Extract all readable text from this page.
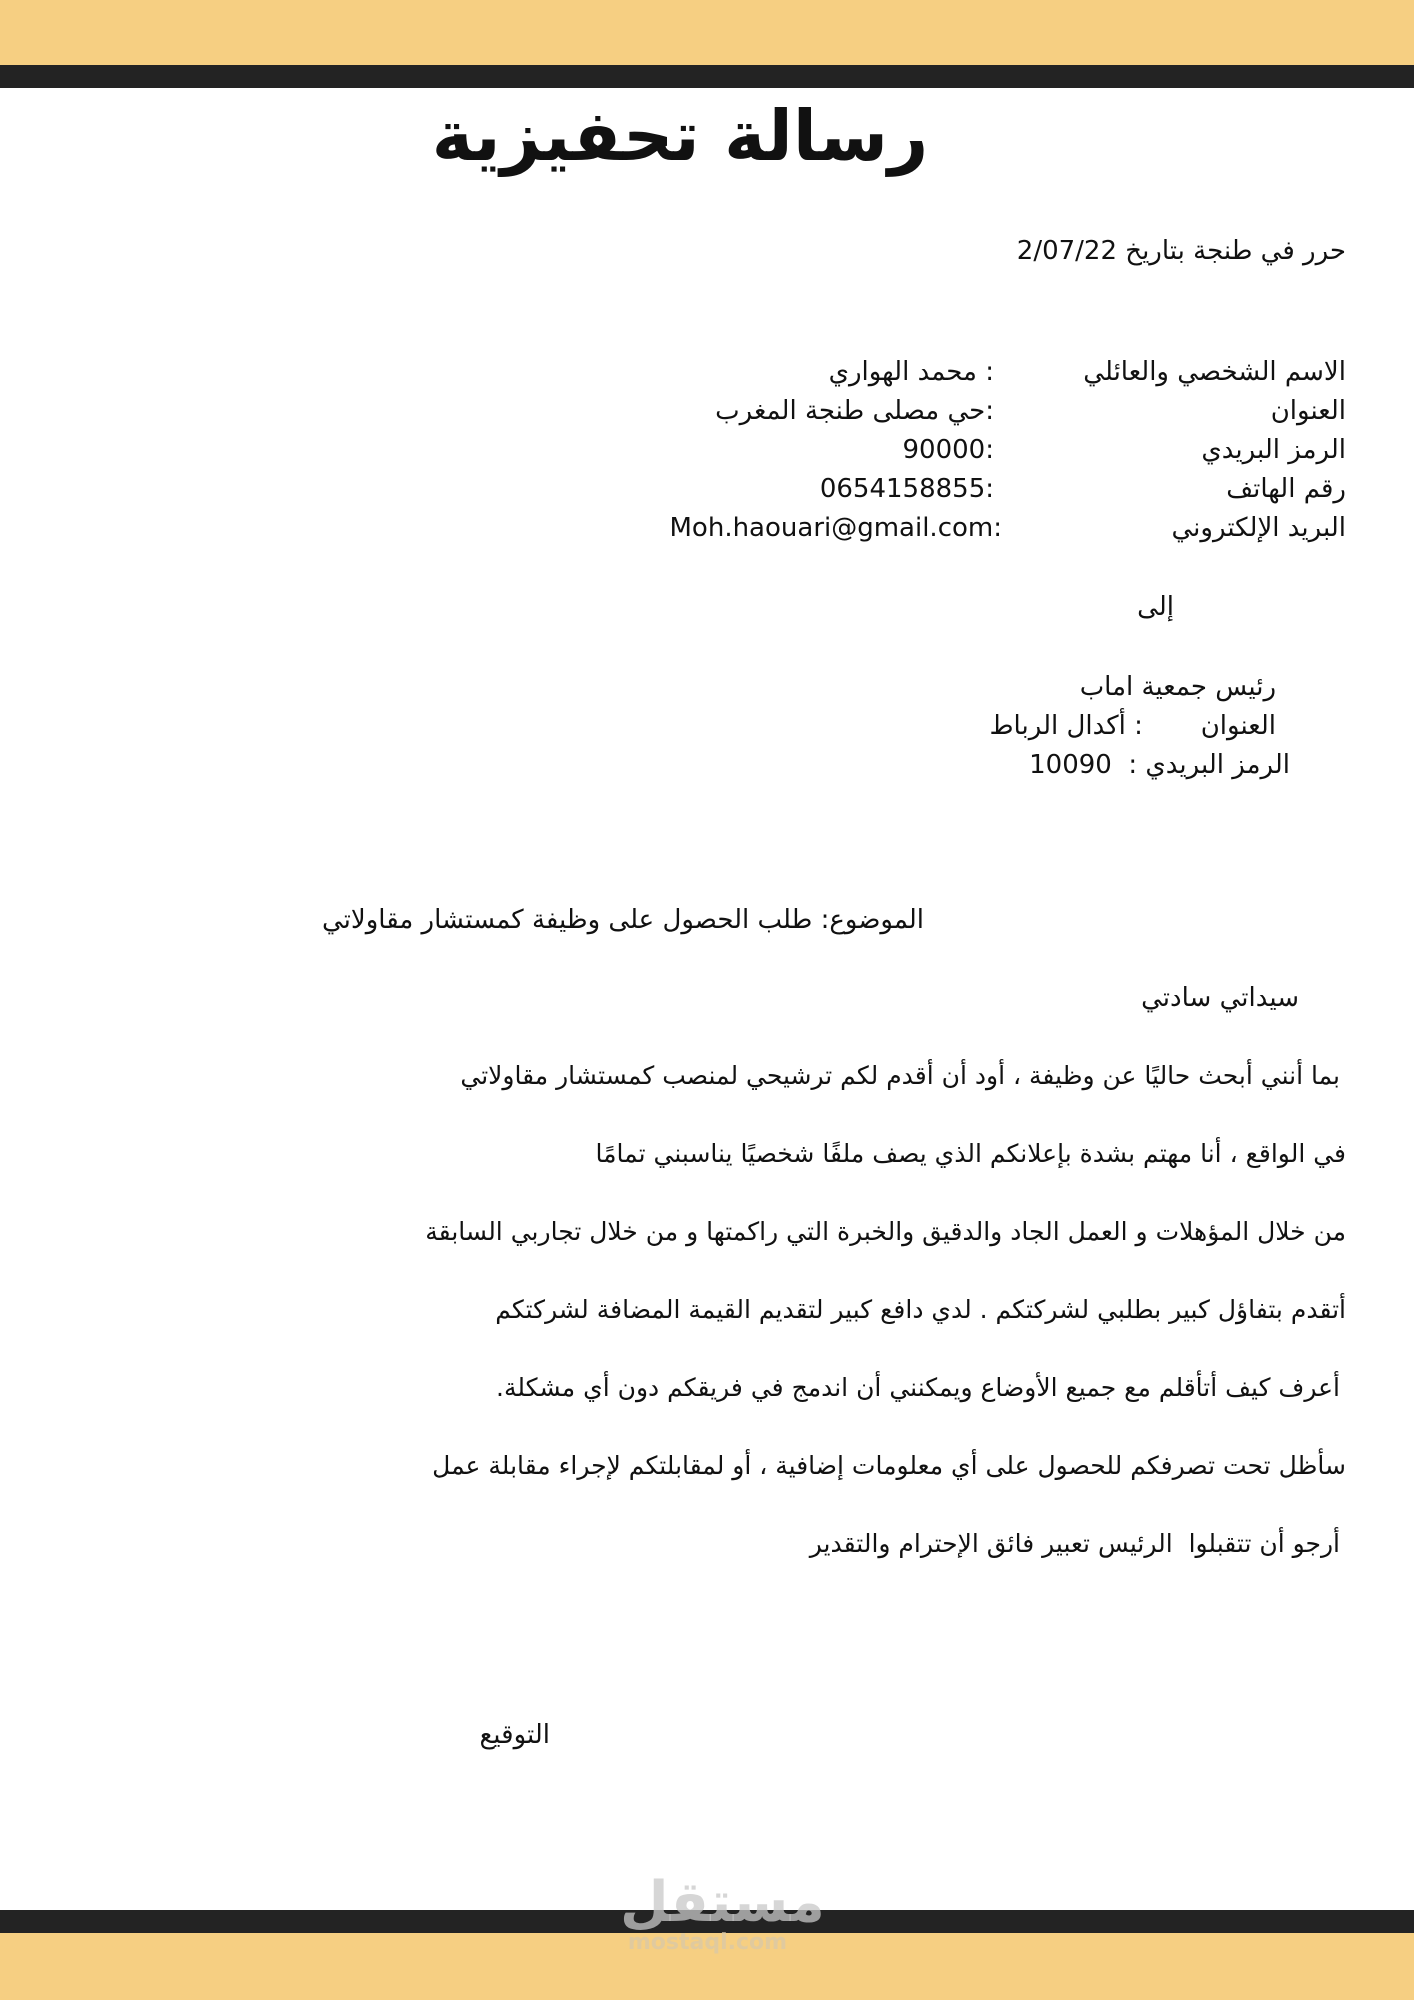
رسالة تحفيزية
حرر في طنجة بتاريخ 2/07/22
الاسم الشخصي والعائلي
: محمد الهواري
العنوان
:حي مصلى طنجة المغرب
الرمز البريدي
90000:
رقم الهاتف
0654158855:
البريد الإلكتروني
Moh.haouari@gmail.com:
إلى
رئيس جمعية اماب
العنوان       : أكدال الرباط
الرمز البريدي :  10090
الموضوع: طلب الحصول على وظيفة كمستشار مقاولاتي
سيداتي سادتي
بما أنني أبحث حاليًا عن وظيفة ، أود أن أقدم لكم ترشيحي لمنصب كمستشار مقاولاتي
في الواقع ، أنا مهتم بشدة بإعلانكم الذي يصف ملفًا شخصيًا يناسبني تمامًا
من خلال المؤهلات و العمل الجاد والدقيق والخبرة التي راكمتها و من خلال تجاربي السابقة
أتقدم بتفاؤل كبير بطلبي لشركتكم . لدي دافع كبير لتقديم القيمة المضافة لشركتكم
أعرف كيف أتأقلم مع جميع الأوضاع ويمكنني أن اندمج في فريقكم دون أي مشكلة.
سأظل تحت تصرفكم للحصول على أي معلومات إضافية ، أو لمقابلتكم لإجراء مقابلة عمل
أرجو أن تتقبلوا  الرئيس تعبير فائق الإحترام والتقدير
التوقيع
مستقل
mostaql.com
